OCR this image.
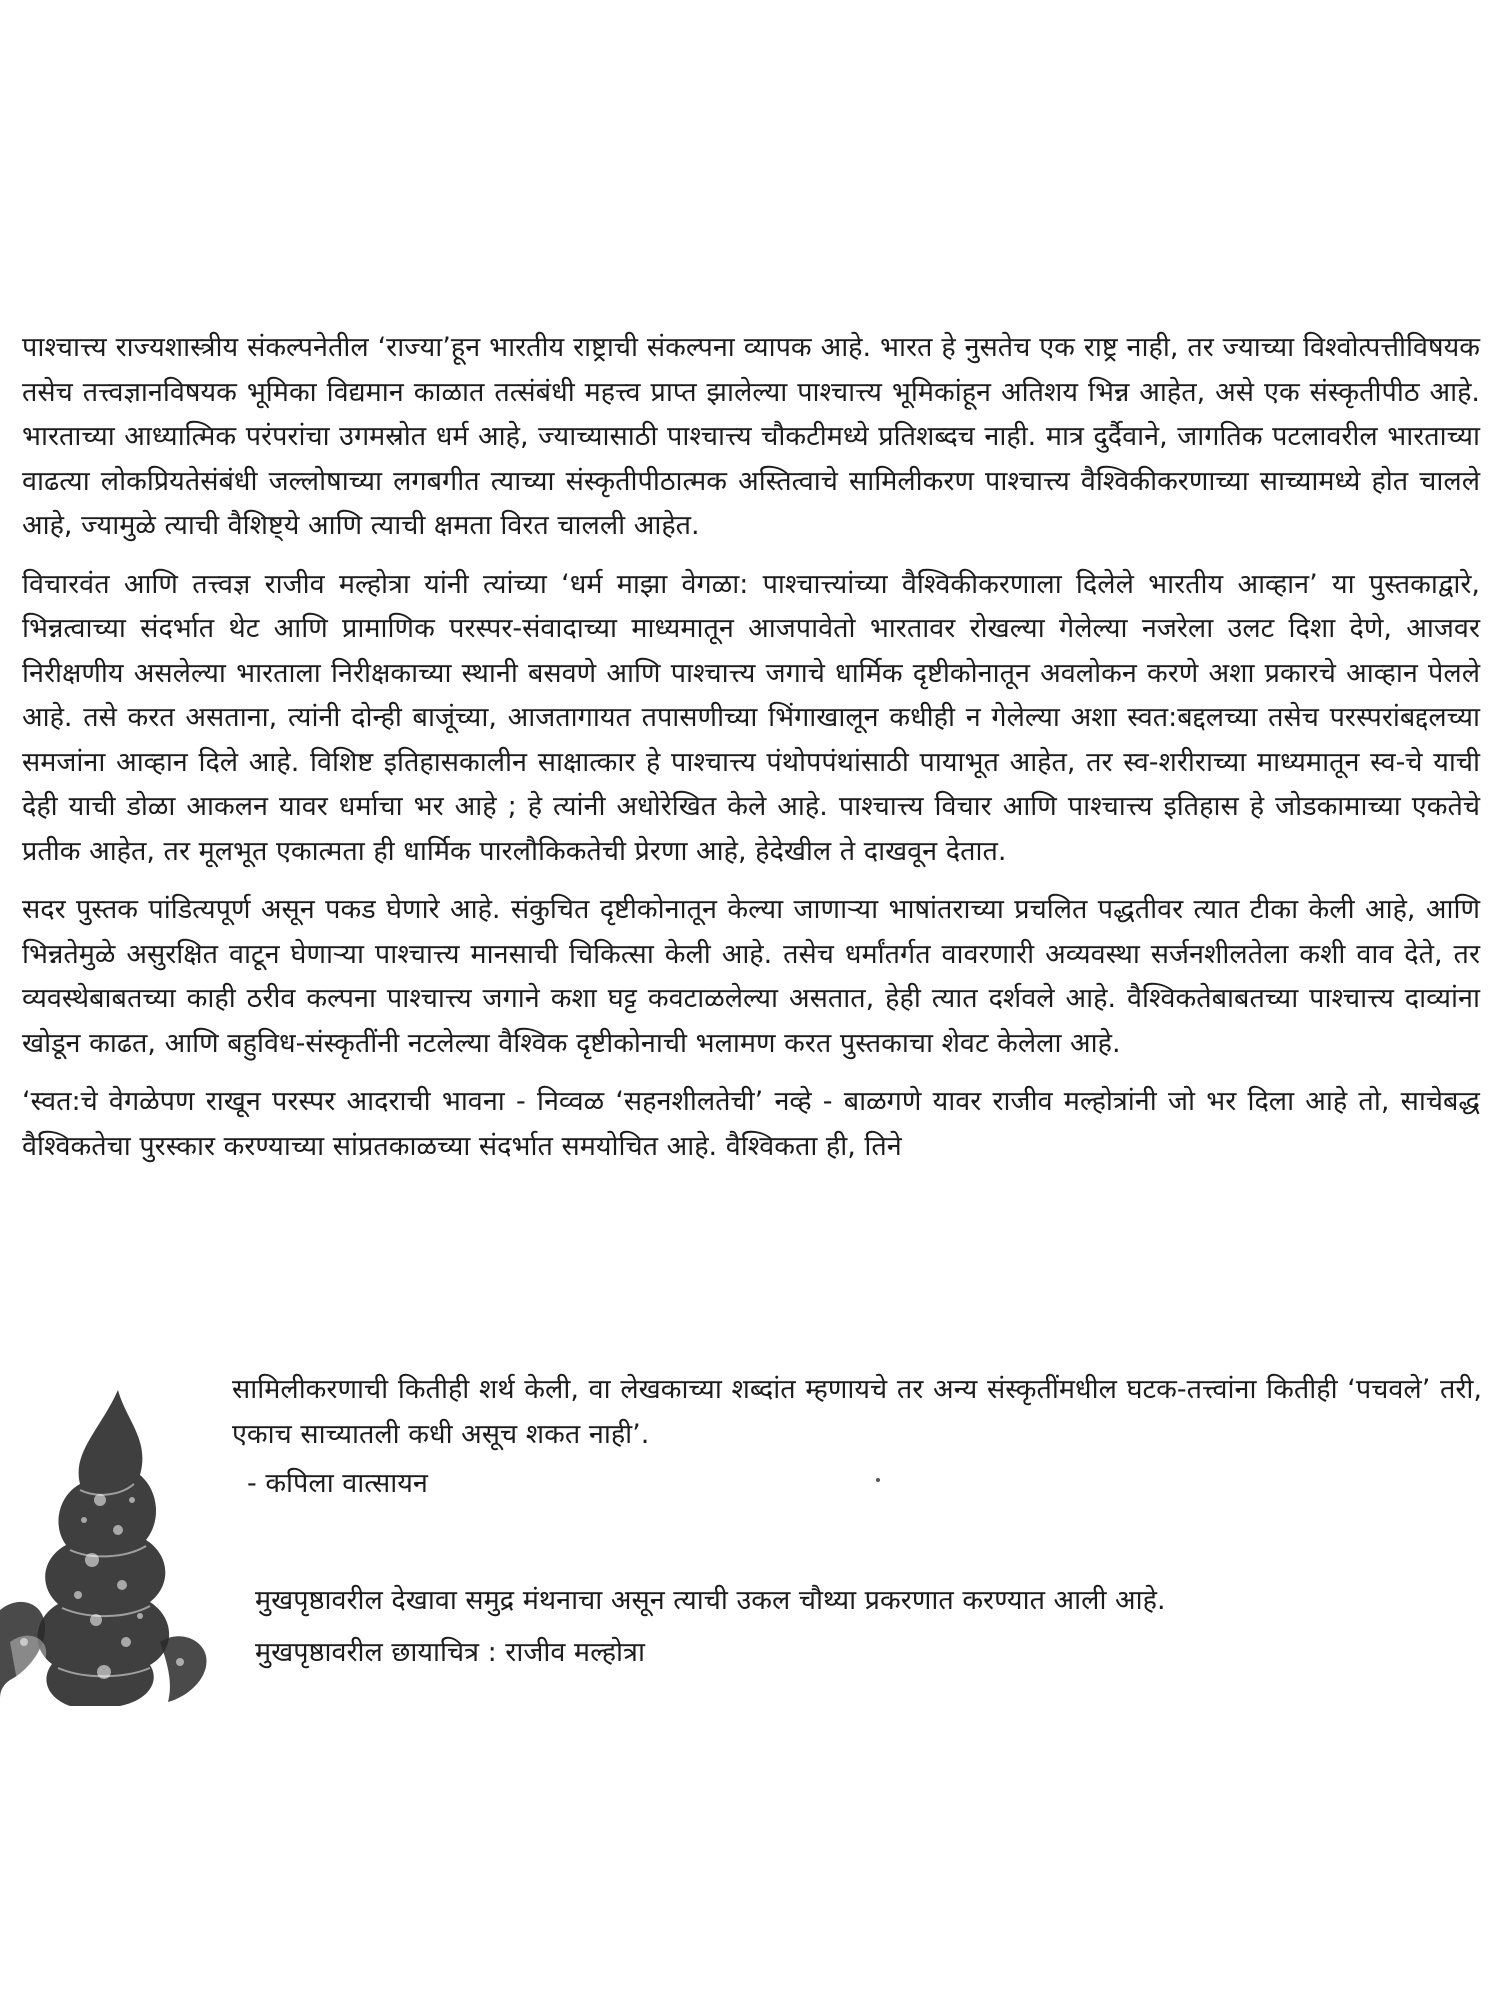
पाश्चात्त्य राज्यशास्त्रीय संकल्पनेतील ‘राज्या’हून भारतीय राष्ट्राची संकल्पना व्यापक आहे. भारत हे नुसतेच एक राष्ट्र नाही, तर ज्याच्या विश्वोत्पत्तीविषयक तसेच तत्त्वज्ञानविषयक भूमिका विद्यमान काळात तत्संबंधी महत्त्व प्राप्त झालेल्या पाश्चात्त्य भूमिकांहून अतिशय भिन्न आहेत, असे एक संस्कृतीपीठ आहे. भारताच्या आध्यात्मिक परंपरांचा उगमस्रोत धर्म आहे, ज्याच्यासाठी पाश्चात्त्य चौकटीमध्ये प्रतिशब्दच नाही. मात्र दुर्दैवाने, जागतिक पटलावरील भारताच्या वाढत्या लोकप्रियतेसंबंधी जल्लोषाच्या लगबगीत त्याच्या संस्कृतीपीठात्मक अस्तित्वाचे सामिलीकरण पाश्चात्त्य वैश्विकीकरणाच्या साच्यामध्ये होत चालले आहे, ज्यामुळे त्याची वैशिष्ट्ये आणि त्याची क्षमता विरत चालली आहेत.

विचारवंत आणि तत्त्वज्ञ राजीव मल्होत्रा यांनी त्यांच्या ‘धर्म माझा वेगळा: पाश्चात्त्यांच्या वैश्विकीकरणाला दिलेले भारतीय आव्हान’ या पुस्तकाद्वारे, भिन्नत्वाच्या संदर्भात थेट आणि प्रामाणिक परस्पर-संवादाच्या माध्यमातून आजपावेतो भारतावर रोखल्या गेलेल्या नजरेला उलट दिशा देणे, आजवर निरीक्षणीय असलेल्या भारताला निरीक्षकाच्या स्थानी बसवणे आणि पाश्चात्त्य जगाचे धार्मिक दृष्टीकोनातून अवलोकन करणे अशा प्रकारचे आव्हान पेलले आहे. तसे करत असताना, त्यांनी दोन्ही बाजूंच्या, आजतागायत तपासणीच्या भिंगाखालून कधीही न गेलेल्या अशा स्वत:बद्दलच्या तसेच परस्परांबद्दलच्या समजांना आव्हान दिले आहे. विशिष्ट इतिहासकालीन साक्षात्कार हे पाश्चात्त्य पंथोपपंथांसाठी पायाभूत आहेत, तर स्व-शरीराच्या माध्यमातून स्व-चे याची देही याची डोळा आकलन यावर धर्माचा भर आहे ; हे त्यांनी अधोरेखित केले आहे. पाश्चात्त्य विचार आणि पाश्चात्त्य इतिहास हे जोडकामाच्या एकतेचे प्रतीक आहेत, तर मूलभूत एकात्मता ही धार्मिक पारलौकिकतेची प्रेरणा आहे, हेदेखील ते दाखवून देतात.

सदर पुस्तक पांडित्यपूर्ण असून पकड घेणारे आहे. संकुचित दृष्टीकोनातून केल्या जाणाऱ्या भाषांतराच्या प्रचलित पद्धतीवर त्यात टीका केली आहे, आणि भिन्नतेमुळे असुरक्षित वाटून घेणाऱ्या पाश्चात्त्य मानसाची चिकित्सा केली आहे. तसेच धर्मांतर्गत वावरणारी अव्यवस्था सर्जनशीलतेला कशी वाव देते, तर व्यवस्थेबाबतच्या काही ठरीव कल्पना पाश्चात्त्य जगाने कशा घट्ट कवटाळलेल्या असतात, हेही त्यात दर्शवले आहे. वैश्विकतेबाबतच्या पाश्चात्त्य दाव्यांना खोडून काढत, आणि बहुविध-संस्कृतींनी नटलेल्या वैश्विक दृष्टीकोनाची भलामण करत पुस्तकाचा शेवट केलेला आहे.

‘स्वत:चे वेगळेपण राखून परस्पर आदराची भावना - निव्वळ ‘सहनशीलतेची’ नव्हे - बाळगणे यावर राजीव मल्होत्रांनी जो भर दिला आहे तो, साचेबद्ध वैश्विकतेचा पुरस्कार करण्याच्या सांप्रतकाळच्या संदर्भात समयोचित आहे. वैश्विकता ही, तिने

सामिलीकरणाची कितीही शर्थ केली, वा लेखकाच्या शब्दांत म्हणायचे तर अन्य संस्कृतींमधील घटक-तत्त्वांना कितीही ‘पचवले’ तरी, एकाच साच्यातली कधी असूच शकत नाही’.
- कपिला वात्सायन
मुखपृष्ठावरील देखावा समुद्र मंथनाचा असून त्याची उकल चौथ्या प्रकरणात करण्यात आली आहे.
मुखपृष्ठावरील छायाचित्र : राजीव मल्होत्रा
